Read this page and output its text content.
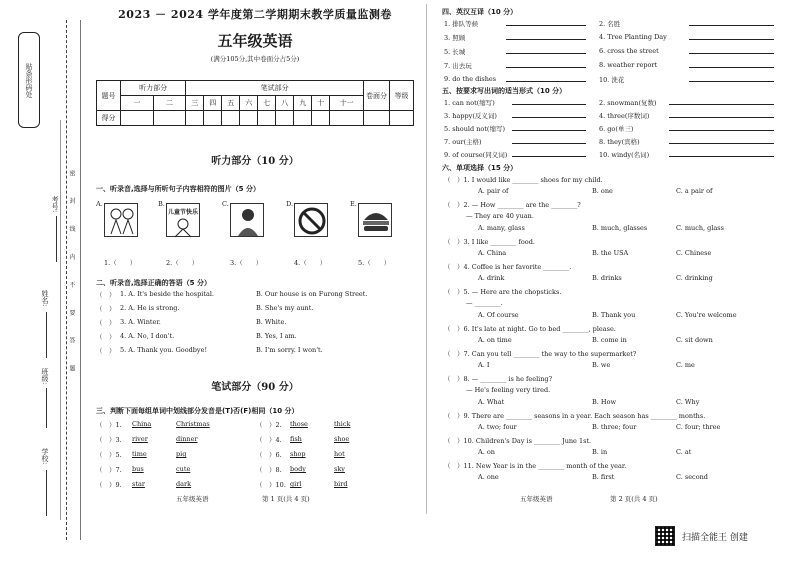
贴条形码处
密 封 线 内 不 要 答 题
考号:
姓名:
班级:
学校:
2023 － 2024 学年度第二学期期末教学质量监测卷
五年级英语
(满分105分,其中卷面分占5分)
题号	听力部分		笔试部分									卷面分	等级
	一	二	三	四	五	六	七	八	九	十	十一		
得分													
听力部分（10 分）
一、听录音,选择与所听句子内容相符的图片（5 分）
A.	B.
儿童节快乐
C.	D.	E.
1.（　　）	2.（　　）	3.（　　）	4.（　　）	5.（　　）
二、听录音,选择正确的答语（5 分）
（　） 1. A. It's beside the hospital.	B. Our house is on Furong Street.
（　） 2. A. He is strong.	B. She's my aunt.
（　） 3. A. Winter.	B. White.
（　） 4. A. No, I don't.	B. Yes, I am.
（　） 5. A. Thank you. Goodbye!	B. I'm sorry. I won't.
笔试部分（90 分）
三、判断下面每组单词中划线部分发音是(T)否(F)相同（10 分）
（　）1. China	Christmas	（　）2. those	thick
（　）3. river	dinner	（　）4. fish	shoe
（　）5. time	pig	（　）6. shop	hot
（　）7. bus	cute	（　）8. body	sky
（　）9. star	dark	（　）10. girl	bird
五年级英语	第 1 页(共 4 页)
四、英汉互译（10 分）
1. 排队等候	2. 名胜
3. 照顾	4. Tree Planting Day
5. 长城	6. cross the street
7. 出去玩	8. weather report
9. do the dishes	10. 洗花
五、按要求写出词的适当形式（10 分）
1. can not(缩写)	2. snowman(复数)
3. happy(反义词)	4. three(序数词)
5. should not(缩写)	6. go(单三)
7. our(主格)	8. they(宾格)
9. of course(同义词)	10. windy(名词)
六、单项选择（15 分）
（　）1. I would like ________ shoes for my child.
A. pair of	B. one	C. a pair of
（　）2. — How ________ are the ________?
— They are 40 yuan.
A. many, glass	B. much, glasses	C. much, glass
（　）3. I like ________ food.
A. China	B. the USA	C. Chinese
（　）4. Coffee is her favorite ________.
A. drink	B. drinks	C. drinking
（　）5. — Here are the chopsticks.
— ________.
A. Of course	B. Thank you	C. You're welcome
（　）6. It's late at night. Go to bed ________, please.
A. on time	B. come in	C. sit down
（　）7. Can you tell ________ the way to the supermarket?
A. I	B. we	C. me
（　）8. — ________ is he feeling?
— He's feeling very tired.
A. What	B. How	C. Why
（　）9. There are ________ seasons in a year. Each season has ________ months.
A. two; four	B. three; four	C. four; three
（　）10. Children's Day is ________ June 1st.
A. on	B. in	C. at
（　）11. New Year is in the ________ month of the year.
A. one	B. first	C. second
五年级英语	第 2 页(共 4 页)
扫描全能王 创建
